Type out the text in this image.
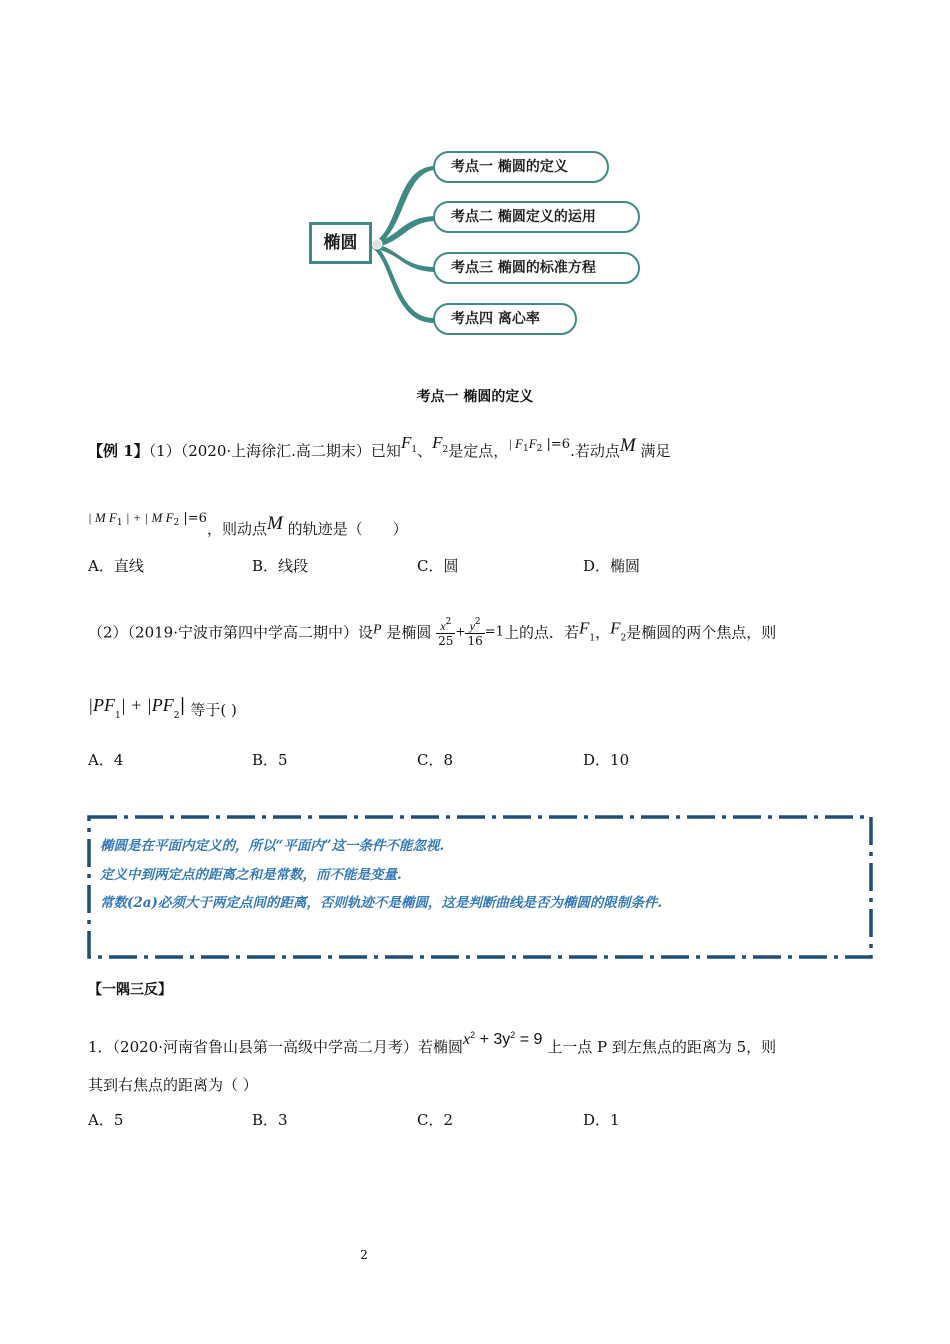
椭圆
考点一 椭圆的定义
考点二 椭圆定义的运用
考点三 椭圆的标准方程
考点四 离心率
考点一 椭圆的定义
【例 1】（1）（2020·上海徐汇.高二期末）已知$F^1$、$F^2$是定点，| $F_1F_2$ |=6.若动点M 满足
| M $F_1$ | + | M $F_2$ |=6，则动点M 的轨迹是（　　）
A．直线	B．线段	C．圆	D．椭圆
（2）（2019·宁波市第四中学高二期中）设P 是椭圆 $\frac{x^2}{25} + \frac{y^2}{16} =1$上的点．若$F_1$，$F_2$是椭圆的两个焦点，则
$|PF_1| + |PF_2|$ 等于( )
A．4	B．5	C．8	D．10
椭圆是在平面内定义的，所以“平面内”这一条件不能忽视.
定义中到两定点的距离之和是常数，而不能是变量.
常数(2a)必须大于两定点间的距离，否则轨迹不是椭圆，这是判断曲线是否为椭圆的限制条件.
【一隅三反】
1．（2020·河南省鲁山县第一高级中学高二月考）若椭圆$x^2 + 3y^2 = 9$ 上一点 P 到左焦点的距离为 5，则
其到右焦点的距离为（ ）
A．5	B．3	C．2	D．1
2
